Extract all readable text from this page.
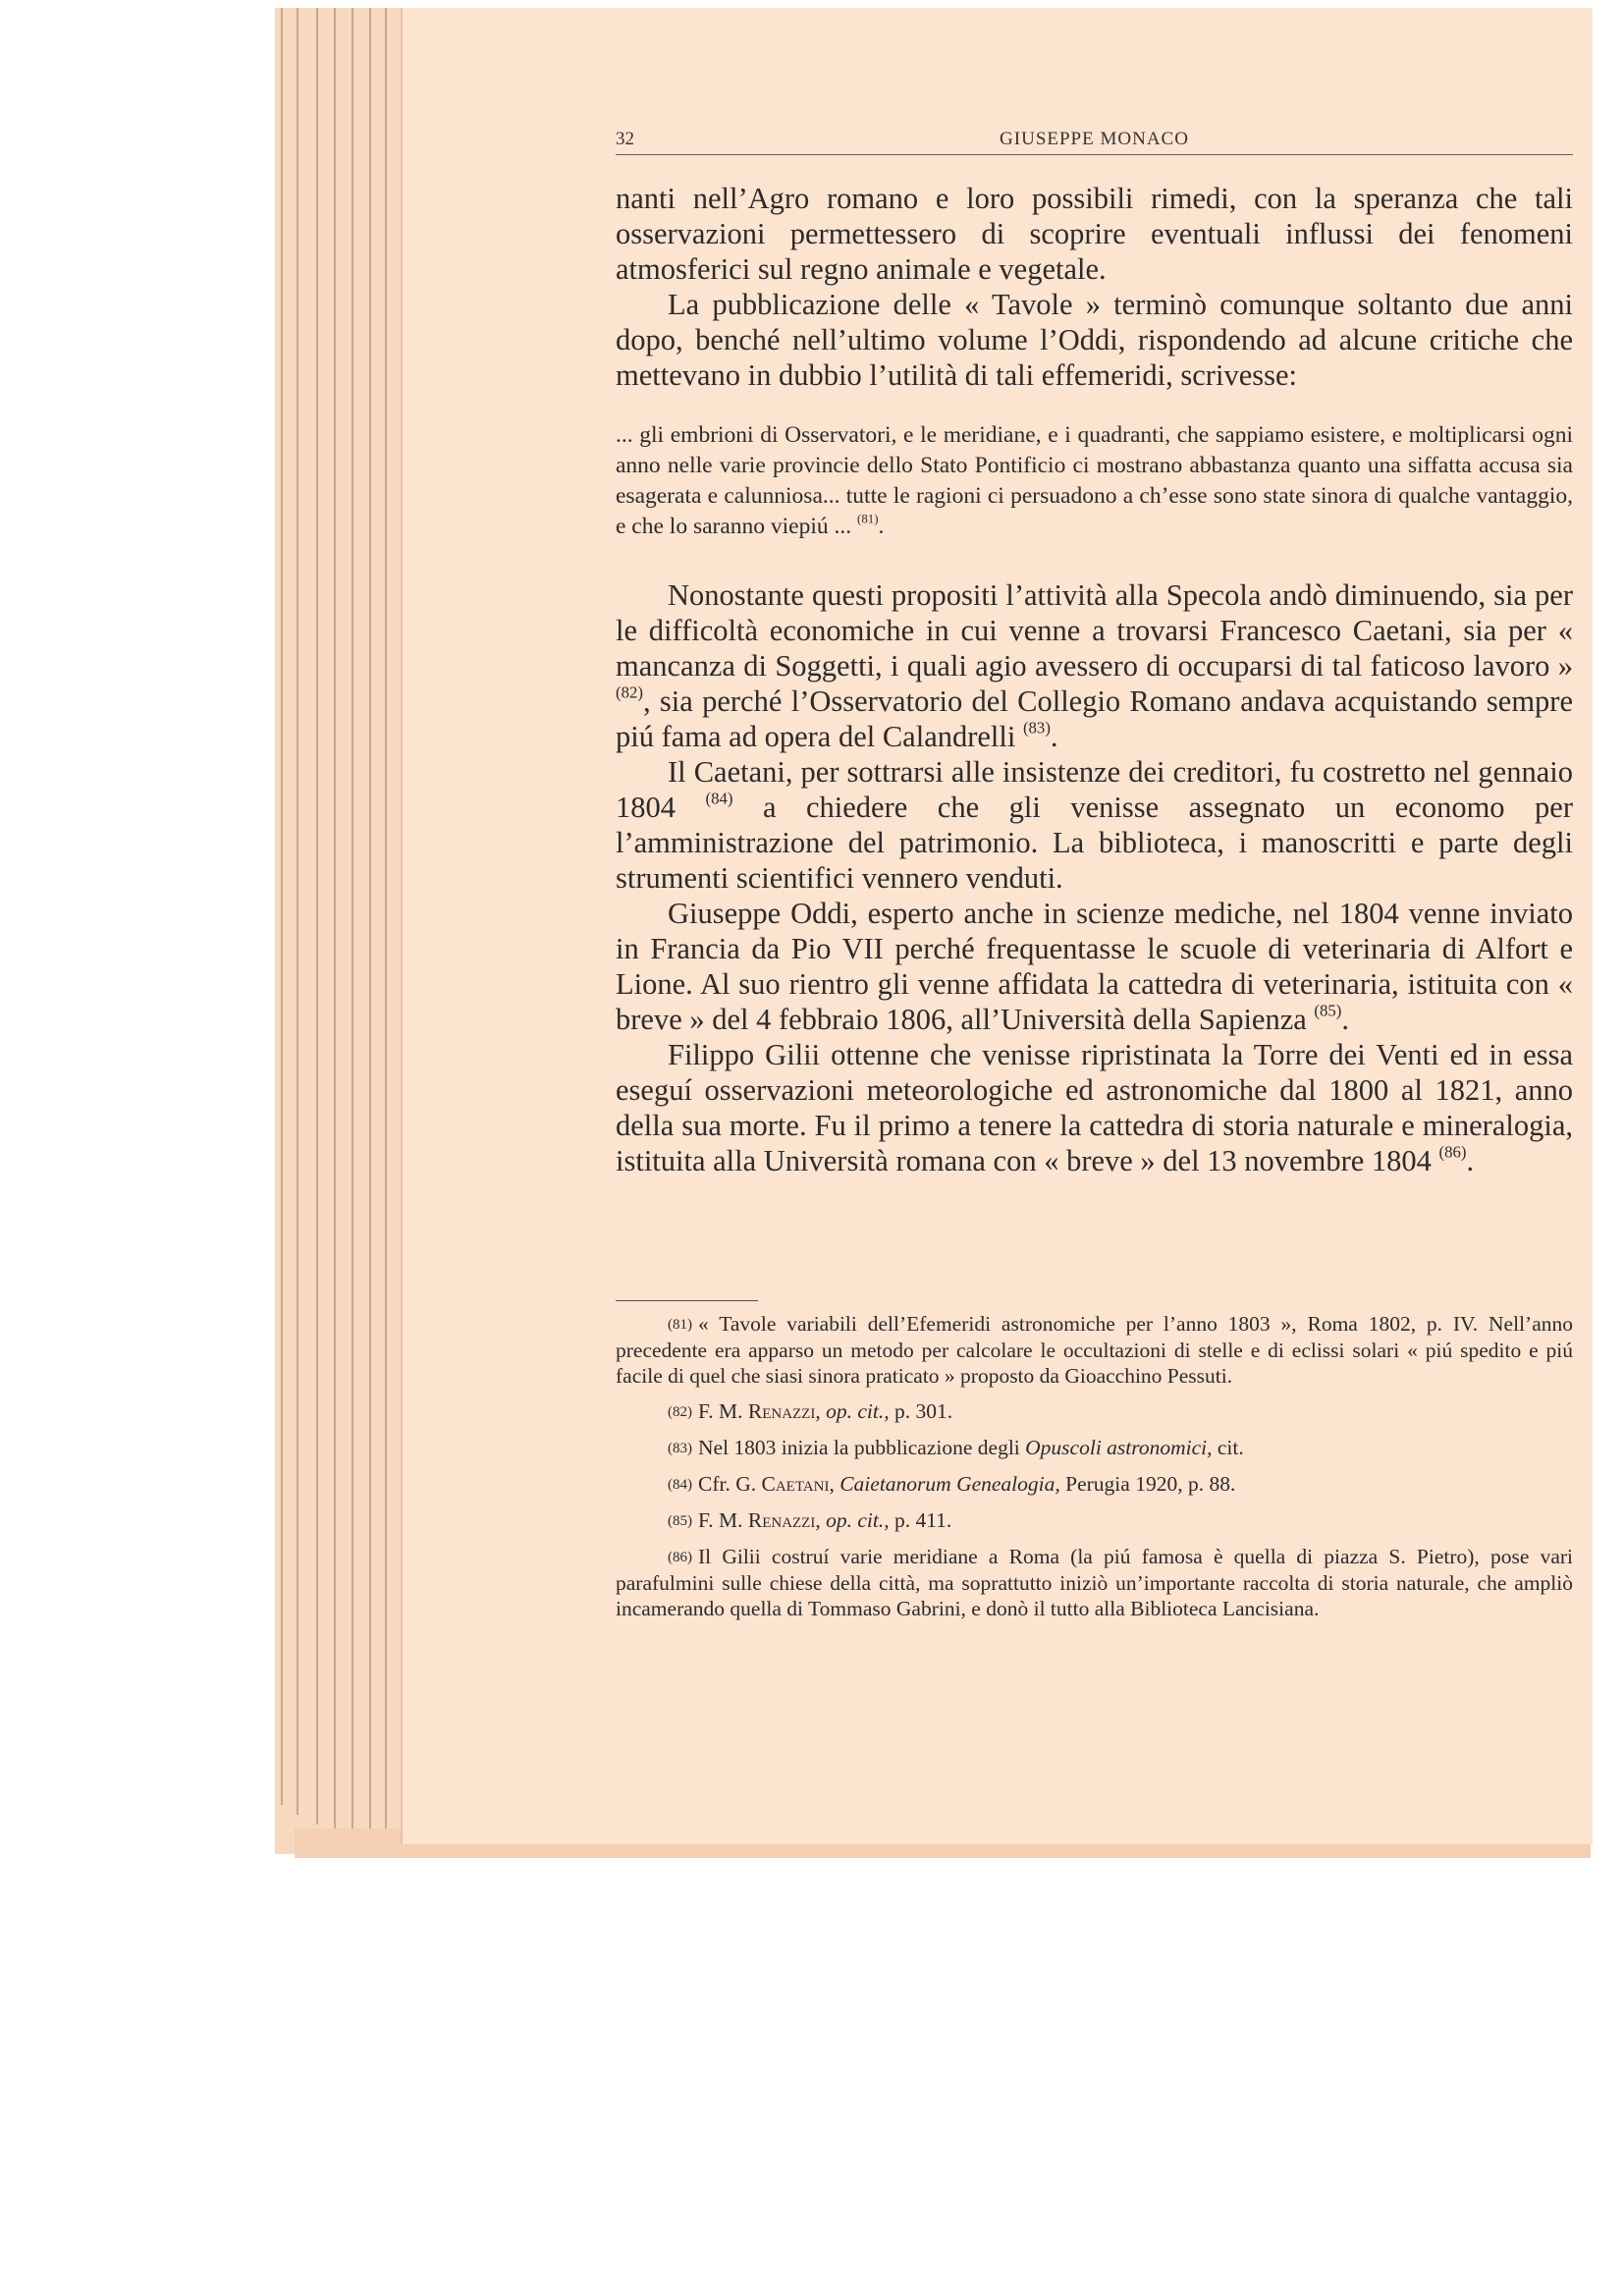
32	GIUSEPPE MONACO

nanti nell’Agro romano e loro possibili rimedi, con la speranza che tali osservazioni permettessero di scoprire eventuali influssi dei fenomeni atmosferici sul regno animale e vegetale.

La pubblicazione delle « Tavole » terminò comunque soltanto due anni dopo, benché nell’ultimo volume l’Oddi, rispondendo ad alcune critiche che mettevano in dubbio l’utilità di tali effemeridi, scrivesse:

... gli embrioni di Osservatori, e le meridiane, e i quadranti, che sappiamo esistere, e moltiplicarsi ogni anno nelle varie provincie dello Stato Pontificio ci mostrano abbastanza quanto una siffatta accusa sia esagerata e calunniosa... tutte le ragioni ci persuadono a ch’esse sono state sinora di qualche vantaggio, e che lo saranno viepiú ... $^{(81)}$.

Nonostante questi propositi l’attività alla Specola andò diminuendo, sia per le difficoltà economiche in cui venne a trovarsi Francesco Caetani, sia per « mancanza di Soggetti, i quali agio avessero di occuparsi di tal faticoso lavoro » $^{(82)}$, sia perché l’Osservatorio del Collegio Romano andava acquistando sempre piú fama ad opera del Calandrelli $^{(83)}$.

Il Caetani, per sottrarsi alle insistenze dei creditori, fu costretto nel gennaio 1804 $^{(84)}$ a chiedere che gli venisse assegnato un economo per l’amministrazione del patrimonio. La biblioteca, i manoscritti e parte degli strumenti scientifici vennero venduti.

Giuseppe Oddi, esperto anche in scienze mediche, nel 1804 venne inviato in Francia da Pio VII perché frequentasse le scuole di veterinaria di Alfort e Lione. Al suo rientro gli venne affidata la cattedra di veterinaria, istituita con « breve » del 4 febbraio 1806, all’Università della Sapienza $^{(85)}$.

Filippo Gilii ottenne che venisse ripristinata la Torre dei Venti ed in essa eseguí osservazioni meteorologiche ed astronomiche dal 1800 al 1821, anno della sua morte. Fu il primo a tenere la cattedra di storia naturale e mineralogia, istituita alla Università romana con « breve » del 13 novembre 1804 $^{(86)}$.

(81) « Tavole variabili dell’Efemeridi astronomiche per l’anno 1803 », Roma 1802, p. IV. Nell’anno precedente era apparso un metodo per calcolare le occultazioni di stelle e di eclissi solari « piú spedito e piú facile di quel che siasi sinora praticato » proposto da Gioacchino Pessuti.

(82) F. M. Renazzi, op. cit., p. 301.

(83) Nel 1803 inizia la pubblicazione degli Opuscoli astronomici, cit.

(84) Cfr. G. Caetani, Caietanorum Genealogia, Perugia 1920, p. 88.

(85) F. M. Renazzi, op. cit., p. 411.

(86) Il Gilii costruí varie meridiane a Roma (la piú famosa è quella di piazza S. Pietro), pose vari parafulmini sulle chiese della città, ma soprattutto iniziò un’importante raccolta di storia naturale, che ampliò incamerando quella di Tommaso Gabrini, e donò il tutto alla Biblioteca Lancisiana.
